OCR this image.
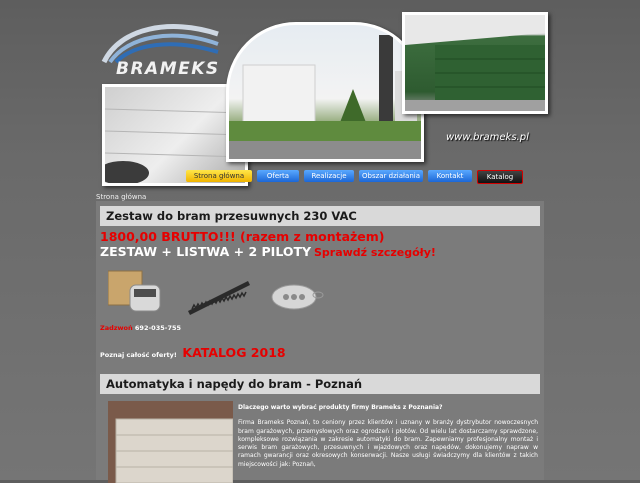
BRAMEKS
www.brameks.pl
Strona główna	Oferta	Realizacje	Obszar działania	Kontakt	Katalog
Strona główna
Zestaw do bram przesuwnych 230 VAC
1800,00 BRUTTO!!! (razem z montażem)
ZESTAW + LISTWA + 2 PILOTY Sprawdź szczegóły!
Zadzwoń 692-035-755
Poznaj całość oferty! KATALOG 2018
Automatyka i napędy do bram - Poznań
Dlaczego warto wybrać produkty firmy Brameks z Poznania?
Firma Brameks Poznań, to ceniony przez klientów i uznany w branży dystrybutor nowoczesnych bram garażowych, przemysłowych oraz ogrodzeń i płotów. Od wielu lat dostarczamy sprawdzone, kompleksowe rozwiązania w zakresie automatyki do bram. Zapewniamy profesjonalny montaż i serwis bram garażowych, przesuwnych i wjazdowych oraz napędów, dokonujemy napraw w ramach gwarancji oraz okresowych konserwacji. Nasze usługi świadczymy dla klientów z takich miejscowości jak: Poznań,
